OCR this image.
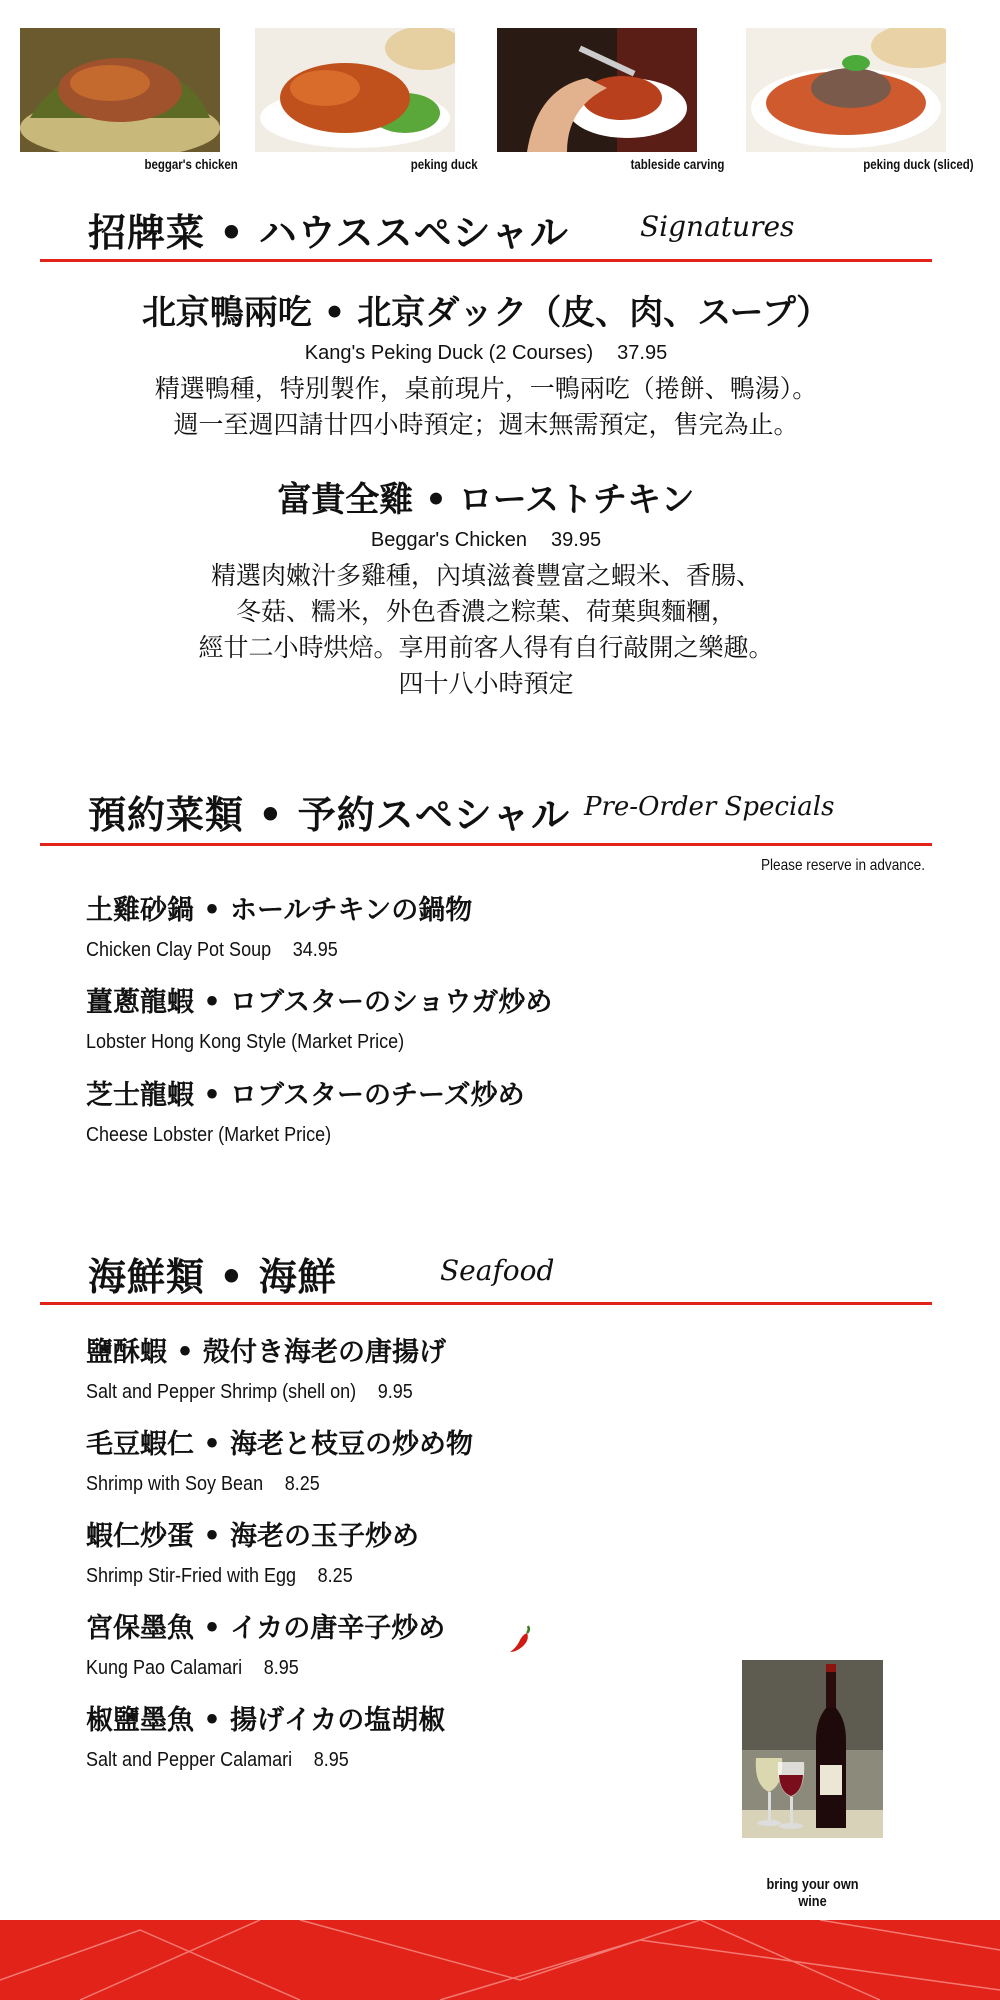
beggar's chicken	peking duck	tableside carving	peking duck (sliced)
招牌菜 • ハウススペシャル	Signatures
北京鴨兩吃 • 北京ダック（皮、肉、スープ）
Kang's Peking Duck (2 Courses) 37.95
精選鴨種，特別製作，桌前現片，一鴨兩吃（捲餅、鴨湯）。
週一至週四請廿四小時預定；週末無需預定，售完為止。
富貴全雞 • ローストチキン
Beggar's Chicken 39.95
精選肉嫩汁多雞種，內填滋養豐富之蝦米、香腸、
冬菇、糯米，外色香濃之粽葉、荷葉與麵糰，
經廿二小時烘焙。享用前客人得有自行敲開之樂趣。
四十八小時預定
預約菜類 • 予約スペシャル Pre-Order Specials
Please reserve in advance.
土雞砂鍋 • ホールチキンの鍋物
Chicken Clay Pot Soup 34.95
薑蔥龍蝦 • ロブスターのショウガ炒め
Lobster Hong Kong Style (Market Price)
芝士龍蝦 • ロブスターのチーズ炒め
Cheese Lobster (Market Price)
海鮮類 • 海鮮	Seafood
鹽酥蝦 • 殻付き海老の唐揚げ
Salt and Pepper Shrimp (shell on) 9.95
毛豆蝦仁 • 海老と枝豆の炒め物
Shrimp with Soy Bean 8.25
蝦仁炒蛋 • 海老の玉子炒め
Shrimp Stir-Fried with Egg 8.25
宮保墨魚 • イカの唐辛子炒め
Kung Pao Calamari 8.95
椒鹽墨魚 • 揚げイカの塩胡椒
Salt and Pepper Calamari 8.95
bring your own wine
